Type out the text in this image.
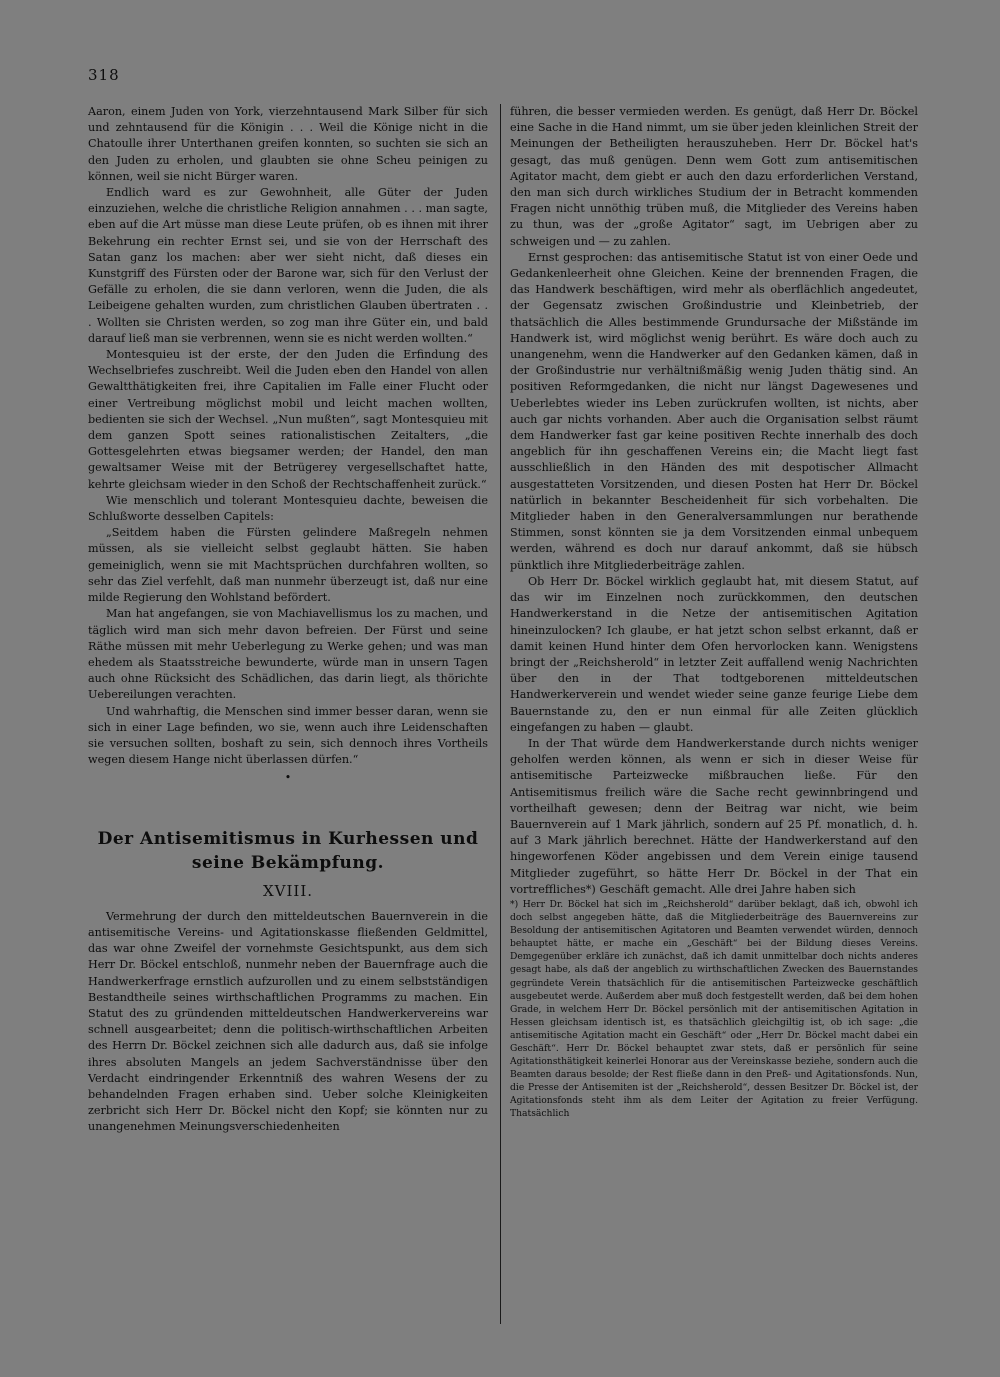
318

Aaron, einem Juden von York, vierzehntausend Mark Silber für sich und zehntausend für die Königin . . . Weil die Könige nicht in die Chatoulle ihrer Unterthanen greifen konnten, so suchten sie sich an den Juden zu erholen, und glaubten sie ohne Scheu peinigen zu können, weil sie nicht Bürger waren.

Endlich ward es zur Gewohnheit, alle Güter der Juden einzuziehen, welche die christliche Religion annahmen . . . man sagte, eben auf die Art müsse man diese Leute prüfen, ob es ihnen mit ihrer Bekehrung ein rechter Ernst sei, und sie von der Herrschaft des Satan ganz los machen: aber wer sieht nicht, daß dieses ein Kunstgriff des Fürsten oder der Barone war, sich für den Verlust der Gefälle zu erholen, die sie dann verloren, wenn die Juden, die als Leibeigene gehalten wurden, zum christlichen Glauben übertraten . . . Wollten sie Christen werden, so zog man ihre Güter ein, und bald darauf ließ man sie verbrennen, wenn sie es nicht werden wollten.“

Montesquieu ist der erste, der den Juden die Erfindung des Wechselbriefes zuschreibt. Weil die Juden eben den Handel von allen Gewaltthätigkeiten frei, ihre Capitalien im Falle einer Flucht oder einer Vertreibung möglichst mobil und leicht machen wollten, bedienten sie sich der Wechsel. „Nun mußten“, sagt Montesquieu mit dem ganzen Spott seines rationalistischen Zeitalters, „die Gottesgelehrten etwas biegsamer werden; der Handel, den man gewaltsamer Weise mit der Betrügerey vergesellschaftet hatte, kehrte gleichsam wieder in den Schoß der Rechtschaffenheit zurück.“

Wie menschlich und tolerant Montesquieu dachte, beweisen die Schlußworte desselben Capitels:

„Seitdem haben die Fürsten gelindere Maßregeln nehmen müssen, als sie vielleicht selbst geglaubt hätten. Sie haben gemeiniglich, wenn sie mit Machtsprüchen durchfahren wollten, so sehr das Ziel verfehlt, daß man nunmehr überzeugt ist, daß nur eine milde Regierung den Wohlstand befördert.

Man hat angefangen, sie von Machiavellismus los zu machen, und täglich wird man sich mehr davon befreien. Der Fürst und seine Räthe müssen mit mehr Ueberlegung zu Werke gehen; und was man ehedem als Staatsstreiche bewunderte, würde man in unsern Tagen auch ohne Rücksicht des Schädlichen, das darin liegt, als thörichte Uebereilungen verachten.

Und wahrhaftig, die Menschen sind immer besser daran, wenn sie sich in einer Lage befinden, wo sie, wenn auch ihre Leidenschaften sie versuchen sollten, boshaft zu sein, sich dennoch ihres Vortheils wegen diesem Hange nicht überlassen dürfen.“

•
Der Antisemitismus in Kurhessen und seine Bekämpfung.
XVIII.

Vermehrung der durch den mitteldeutschen Bauernverein in die antisemitische Vereins- und Agitationskasse fließenden Geldmittel, das war ohne Zweifel der vornehmste Gesichtspunkt, aus dem sich Herr Dr. Böckel entschloß, nunmehr neben der Bauernfrage auch die Handwerkerfrage ernstlich aufzurollen und zu einem selbstständigen Bestandtheile seines wirthschaftlichen Programms zu machen. Ein Statut des zu gründenden mitteldeutschen Handwerkervereins war schnell ausgearbeitet; denn die politisch-wirthschaftlichen Arbeiten des Herrn Dr. Böckel zeichnen sich alle dadurch aus, daß sie infolge ihres absoluten Mangels an jedem Sachverständnisse über den Verdacht eindringender Erkenntniß des wahren Wesens der zu behandelnden Fragen erhaben sind. Ueber solche Kleinigkeiten zerbricht sich Herr Dr. Böckel nicht den Kopf; sie könnten nur zu unangenehmen Meinungsverschiedenheiten

führen, die besser vermieden werden. Es genügt, daß Herr Dr. Böckel eine Sache in die Hand nimmt, um sie über jeden kleinlichen Streit der Meinungen der Betheiligten herauszuheben. Herr Dr. Böckel hat's gesagt, das muß genügen. Denn wem Gott zum antisemitischen Agitator macht, dem giebt er auch den dazu erforderlichen Verstand, den man sich durch wirkliches Studium der in Betracht kommenden Fragen nicht unnöthig trüben muß, die Mitglieder des Vereins haben zu thun, was der „große Agitator“ sagt, im Uebrigen aber zu schweigen und — zu zahlen.

Ernst gesprochen: das antisemitische Statut ist von einer Oede und Gedankenleerheit ohne Gleichen. Keine der brennenden Fragen, die das Handwerk beschäftigen, wird mehr als oberflächlich angedeutet, der Gegensatz zwischen Großindustrie und Kleinbetrieb, der thatsächlich die Alles bestimmende Grundursache der Mißstände im Handwerk ist, wird möglichst wenig berührt. Es wäre doch auch zu unangenehm, wenn die Handwerker auf den Gedanken kämen, daß in der Großindustrie nur verhältnißmäßig wenig Juden thätig sind. An positiven Reformgedanken, die nicht nur längst Dagewesenes und Ueberlebtes wieder ins Leben zurückrufen wollten, ist nichts, aber auch gar nichts vorhanden. Aber auch die Organisation selbst räumt dem Handwerker fast gar keine positiven Rechte innerhalb des doch angeblich für ihn geschaffenen Vereins ein; die Macht liegt fast ausschließlich in den Händen des mit despotischer Allmacht ausgestatteten Vorsitzenden, und diesen Posten hat Herr Dr. Böckel natürlich in bekannter Bescheidenheit für sich vorbehalten. Die Mitglieder haben in den Generalversammlungen nur berathende Stimmen, sonst könnten sie ja dem Vorsitzenden einmal unbequem werden, während es doch nur darauf ankommt, daß sie hübsch pünktlich ihre Mitgliederbeiträge zahlen.

Ob Herr Dr. Böckel wirklich geglaubt hat, mit diesem Statut, auf das wir im Einzelnen noch zurückkommen, den deutschen Handwerkerstand in die Netze der antisemitischen Agitation hineinzulocken? Ich glaube, er hat jetzt schon selbst erkannt, daß er damit keinen Hund hinter dem Ofen hervorlocken kann. Wenigstens bringt der „Reichsherold“ in letzter Zeit auffallend wenig Nachrichten über den in der That todtgeborenen mitteldeutschen Handwerkerverein und wendet wieder seine ganze feurige Liebe dem Bauernstande zu, den er nun einmal für alle Zeiten glücklich eingefangen zu haben — glaubt.

In der That würde dem Handwerkerstande durch nichts weniger geholfen werden können, als wenn er sich in dieser Weise für antisemitische Parteizwecke mißbrauchen ließe. Für den Antisemitismus freilich wäre die Sache recht gewinnbringend und vortheilhaft gewesen; denn der Beitrag war nicht, wie beim Bauernverein auf 1 Mark jährlich, sondern auf 25 Pf. monatlich, d. h. auf 3 Mark jährlich berechnet. Hätte der Handwerkerstand auf den hingeworfenen Köder angebissen und dem Verein einige tausend Mitglieder zugeführt, so hätte Herr Dr. Böckel in der That ein vortreffliches*) Geschäft gemacht. Alle drei Jahre haben sich

*) Herr Dr. Böckel hat sich im „Reichsherold“ darüber beklagt, daß ich, obwohl ich doch selbst angegeben hätte, daß die Mitgliederbeiträge des Bauernvereins zur Besoldung der antisemitischen Agitatoren und Beamten verwendet würden, dennoch behauptet hätte, er mache ein „Geschäft“ bei der Bildung dieses Vereins. Demgegenüber erkläre ich zunächst, daß ich damit unmittelbar doch nichts anderes gesagt habe, als daß der angeblich zu wirthschaftlichen Zwecken des Bauernstandes gegründete Verein thatsächlich für die antisemitischen Parteizwecke geschäftlich ausgebeutet werde. Außerdem aber muß doch festgestellt werden, daß bei dem hohen Grade, in welchem Herr Dr. Böckel persönlich mit der antisemitischen Agitation in Hessen gleichsam identisch ist, es thatsächlich gleichgiltig ist, ob ich sage: „die antisemitische Agitation macht ein Geschäft“ oder „Herr Dr. Böckel macht dabei ein Geschäft“. Herr Dr. Böckel behauptet zwar stets, daß er persönlich für seine Agitationsthätigkeit keinerlei Honorar aus der Vereinskasse beziehe, sondern auch die Beamten daraus besolde; der Rest fließe dann in den Preß- und Agitationsfonds. Nun, die Presse der Antisemiten ist der „Reichsherold“, dessen Besitzer Dr. Böckel ist, der Agitationsfonds steht ihm als dem Leiter der Agitation zu freier Verfügung. Thatsächlich
